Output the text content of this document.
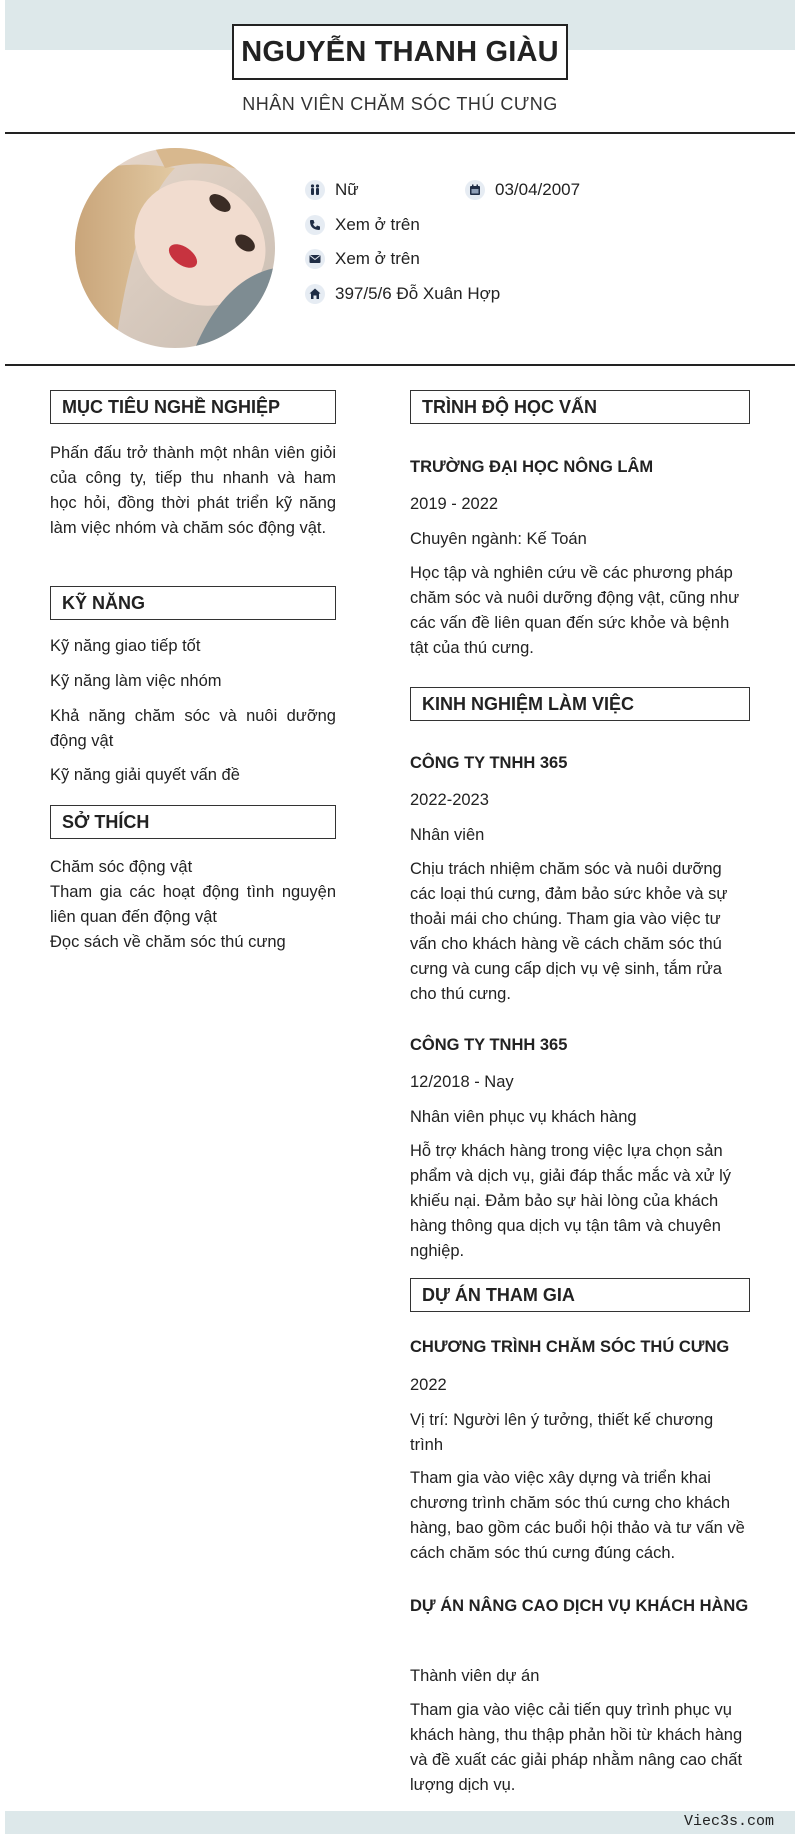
NGUYỄN THANH GIÀU
NHÂN VIÊN CHĂM SÓC THÚ CƯNG
Nữ	03/04/2007
Xem ở trên
Xem ở trên
397/5/6 Đỗ Xuân Hợp
MỤC TIÊU NGHỀ NGHIỆP
Phấn đấu trở thành một nhân viên giỏi của công ty, tiếp thu nhanh và ham học hỏi, đồng thời phát triển kỹ năng làm việc nhóm và chăm sóc động vật.
KỸ NĂNG
Kỹ năng giao tiếp tốt
Kỹ năng làm việc nhóm
Khả năng chăm sóc và nuôi dưỡng động vật
Kỹ năng giải quyết vấn đề
SỞ THÍCH
Chăm sóc động vật
Tham gia các hoạt động tình nguyện liên quan đến động vật
Đọc sách về chăm sóc thú cưng
TRÌNH ĐỘ HỌC VẤN
TRƯỜNG ĐẠI HỌC NÔNG LÂM
2019 - 2022
Chuyên ngành: Kế Toán
Học tập và nghiên cứu về các phương pháp chăm sóc và nuôi dưỡng động vật, cũng như các vấn đề liên quan đến sức khỏe và bệnh tật của thú cưng.
KINH NGHIỆM LÀM VIỆC
CÔNG TY TNHH 365
2022-2023
Nhân viên
Chịu trách nhiệm chăm sóc và nuôi dưỡng các loại thú cưng, đảm bảo sức khỏe và sự thoải mái cho chúng. Tham gia vào việc tư vấn cho khách hàng về cách chăm sóc thú cưng và cung cấp dịch vụ vệ sinh, tắm rửa cho thú cưng.
CÔNG TY TNHH 365
12/2018 - Nay
Nhân viên phục vụ khách hàng
Hỗ trợ khách hàng trong việc lựa chọn sản phẩm và dịch vụ, giải đáp thắc mắc và xử lý khiếu nại. Đảm bảo sự hài lòng của khách hàng thông qua dịch vụ tận tâm và chuyên nghiệp.
DỰ ÁN THAM GIA
CHƯƠNG TRÌNH CHĂM SÓC THÚ CƯNG
2022
Vị trí: Người lên ý tưởng, thiết kế chương trình
Tham gia vào việc xây dựng và triển khai chương trình chăm sóc thú cưng cho khách hàng, bao gồm các buổi hội thảo và tư vấn về cách chăm sóc thú cưng đúng cách.
DỰ ÁN NÂNG CAO DỊCH VỤ KHÁCH HÀNG
Thành viên dự án
Tham gia vào việc cải tiến quy trình phục vụ khách hàng, thu thập phản hồi từ khách hàng và đề xuất các giải pháp nhằm nâng cao chất lượng dịch vụ.
Viec3s.com
